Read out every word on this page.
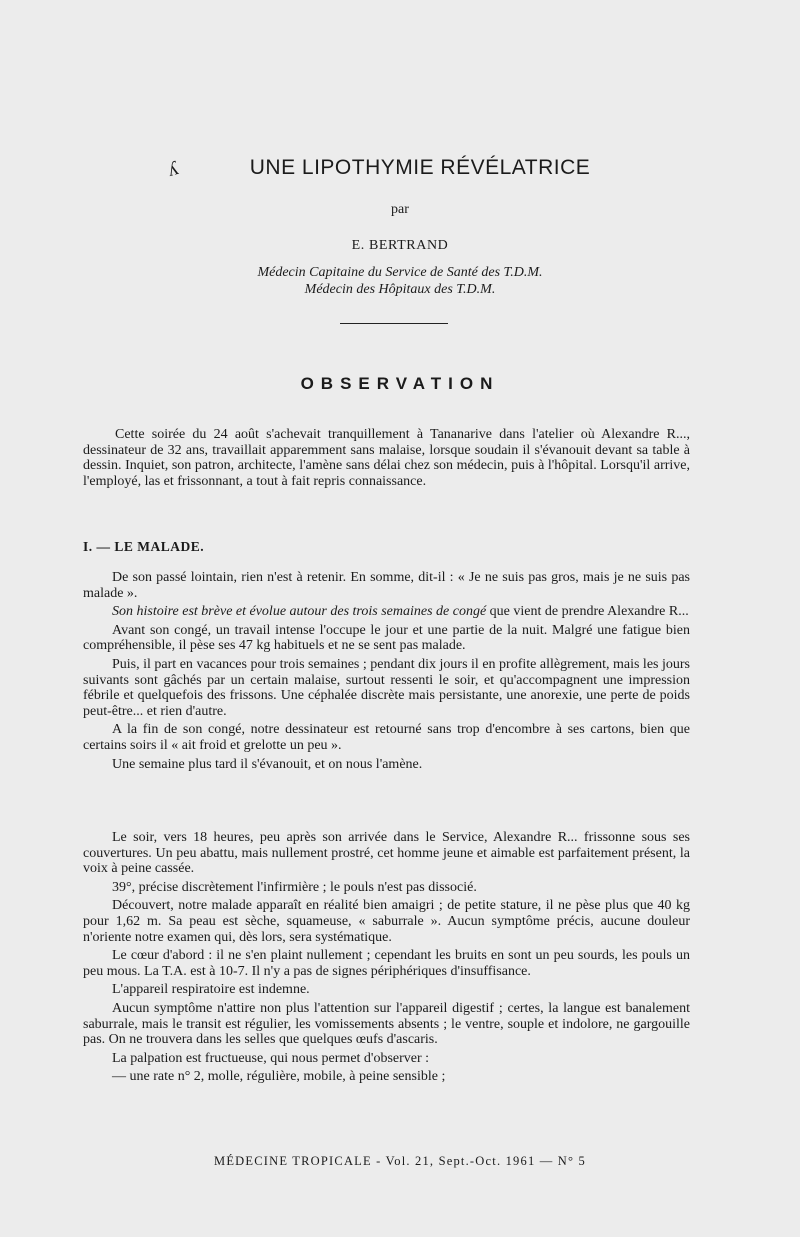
ʎ	UNE LIPOTHYMIE RÉVÉLATRICE
par
E. BERTRAND
Médecin Capitaine du Service de Santé des T.D.M.
Médecin des Hôpitaux des T.D.M.
OBSERVATION

Cette soirée du 24 août s'achevait tranquillement à Tananarive dans l'atelier où Alexandre R..., dessinateur de 32 ans, travaillait apparemment sans malaise, lorsque soudain il s'évanouit devant sa table à dessin. Inquiet, son patron, architecte, l'amène sans délai chez son médecin, puis à l'hôpital. Lorsqu'il arrive, l'employé, las et frissonnant, a tout à fait repris connaissance.

I. — LE MALADE.

De son passé lointain, rien n'est à retenir. En somme, dit-il : « Je ne suis pas gros, mais je ne suis pas malade ».

Son histoire est brève et évolue autour des trois semaines de congé que vient de prendre Alexandre R...

Avant son congé, un travail intense l'occupe le jour et une partie de la nuit. Malgré une fatigue bien compréhensible, il pèse ses 47 kg habituels et ne se sent pas malade.

Puis, il part en vacances pour trois semaines ; pendant dix jours il en profite allègrement, mais les jours suivants sont gâchés par un certain malaise, surtout ressenti le soir, et qu'accompagnent une impression fébrile et quelquefois des frissons. Une céphalée discrète mais persistante, une anorexie, une perte de poids peut-être... et rien d'autre.

A la fin de son congé, notre dessinateur est retourné sans trop d'encombre à ses cartons, bien que certains soirs il « ait froid et grelotte un peu ».

Une semaine plus tard il s'évanouit, et on nous l'amène.

Le soir, vers 18 heures, peu après son arrivée dans le Service, Alexandre R... frissonne sous ses couvertures. Un peu abattu, mais nullement prostré, cet homme jeune et aimable est parfaitement présent, la voix à peine cassée.

39°, précise discrètement l'infirmière ; le pouls n'est pas dissocié.

Découvert, notre malade apparaît en réalité bien amaigri ; de petite stature, il ne pèse plus que 40 kg pour 1,62 m. Sa peau est sèche, squameuse, « saburrale ». Aucun symptôme précis, aucune douleur n'oriente notre examen qui, dès lors, sera systématique.

Le cœur d'abord : il ne s'en plaint nullement ; cependant les bruits en sont un peu sourds, les pouls un peu mous. La T.A. est à 10-7. Il n'y a pas de signes périphériques d'insuffisance.

L'appareil respiratoire est indemne.

Aucun symptôme n'attire non plus l'attention sur l'appareil digestif ; certes, la langue est banalement saburrale, mais le transit est régulier, les vomissements absents ; le ventre, souple et indolore, ne gargouille pas. On ne trouvera dans les selles que quelques œufs d'ascaris.

La palpation est fructueuse, qui nous permet d'observer :

— une rate n° 2, molle, régulière, mobile, à peine sensible ;

MÉDECINE TROPICALE - Vol. 21, Sept.-Oct. 1961 — N° 5
